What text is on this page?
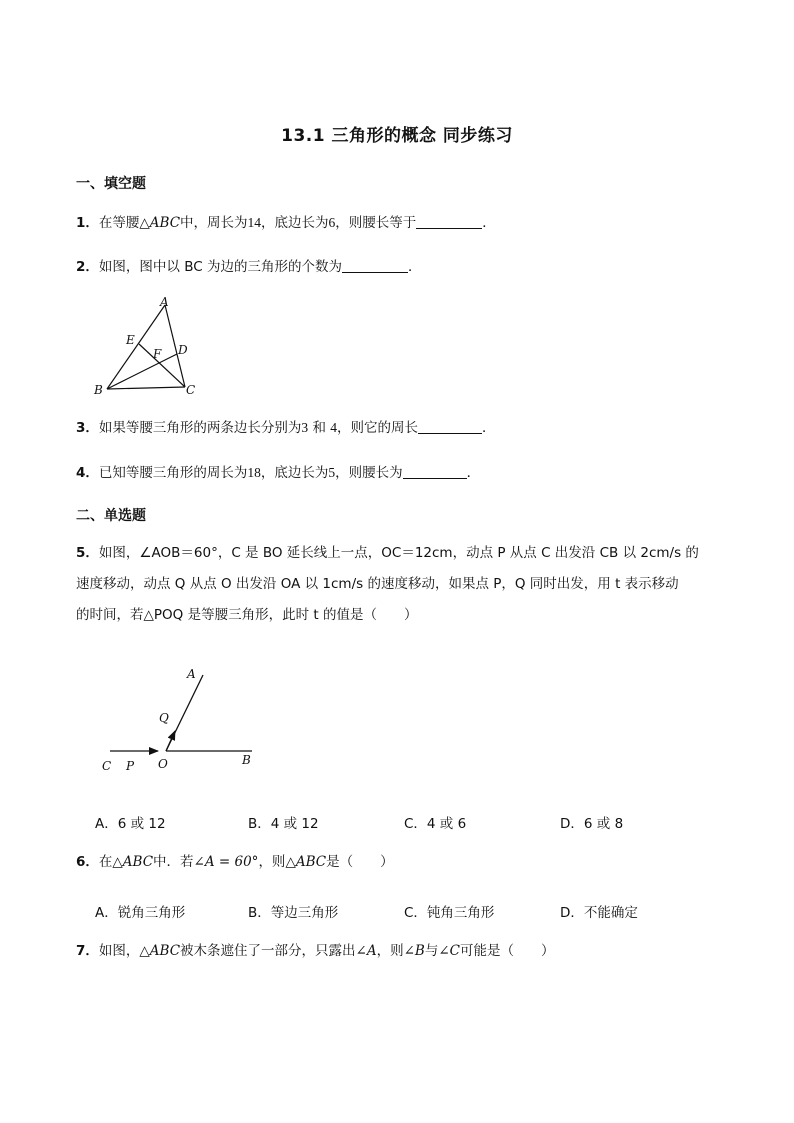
13.1 三角形的概念 同步练习
一、填空题
1．在等腰△ABC中，周长为14，底边长为6，则腰长等于	．
2．如图，图中以 BC 为边的三角形的个数为	．
A
E
F D
B	C
3．如果等腰三角形的两条边长分别为3 和 4，则它的周长	．
4．已知等腰三角形的周长为18，底边长为5，则腰长为	．
二、单选题
5．如图，∠AOB＝60°，C 是 BO 延长线上一点，OC＝12cm，动点 P 从点 C 出发沿 CB 以 2cm/s 的
速度移动，动点 Q 从点 O 出发沿 OA 以 1cm/s 的速度移动，如果点 P，Q 同时出发，用 t 表示移动
的时间，若△POQ 是等腰三角形，此时 t 的值是（　　）
A
Q
B
C P O
A．6 或 12	B．4 或 12	C．4 或 6	D．6 或 8
6．在△ABC中．若∠A = 60°，则△ABC是（　　）
A．锐角三角形	B．等边三角形	C．钝角三角形	D．不能确定
7．如图，△ABC被木条遮住了一部分，只露出∠A，则∠B与∠C可能是（　　）
